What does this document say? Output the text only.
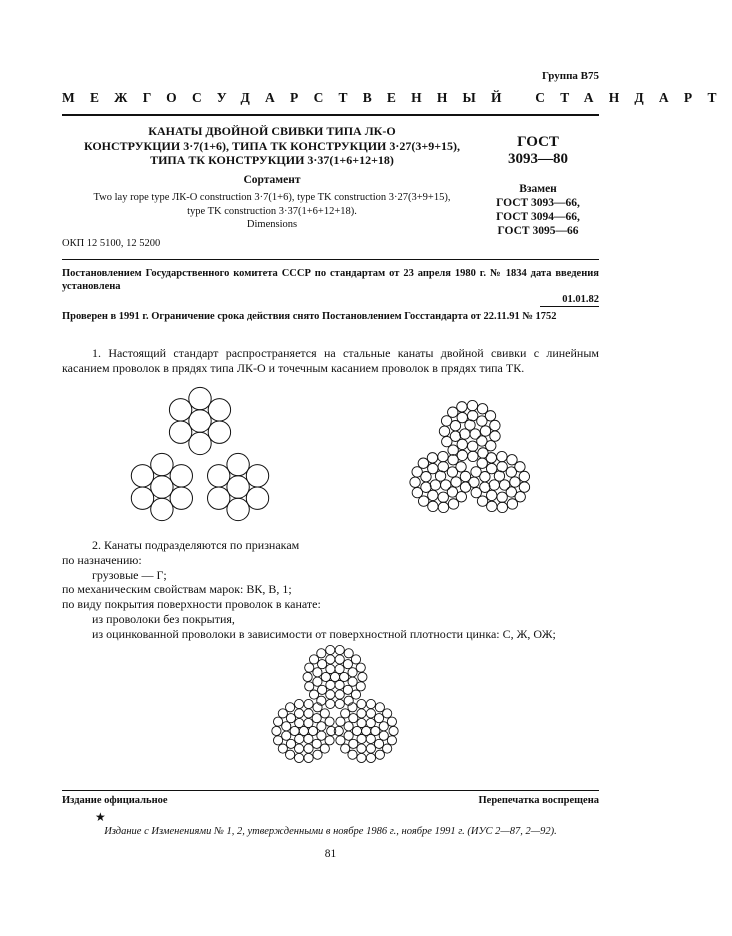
Группа В75
МЕЖГОСУДАРСТВЕННЫЙ СТАНДАРТ
КАНАТЫ ДВОЙНОЙ СВИВКИ ТИПА ЛК-О
КОНСТРУКЦИИ 3·7(1+6), ТИПА ТК КОНСТРУКЦИИ 3·27(3+9+15),
ТИПА ТК КОНСТРУКЦИИ 3·37(1+6+12+18)
ГОСТ
3093—80
Сортамент
Two lay rope type ЛК-О construction 3·7(1+6), type TK construction 3·27(3+9+15),
type TK construction 3·37(1+6+12+18).
Dimensions
Взамен
ГОСТ 3093—66,
ГОСТ 3094—66,
ГОСТ 3095—66
ОКП 12 5100, 12 5200
Постановлением Государственного комитета СССР по стандартам от 23 апреля 1980 г. № 1834 дата введения установлена
01.01.82
Проверен в 1991 г. Ограничение срока действия снято Постановлением Госстандарта от 22.11.91 № 1752
1. Настоящий стандарт распространяется на стальные канаты двойной свивки с линейным касанием проволок в прядях типа ЛК-О и точечным касанием проволок в прядях типа ТК.
2. Канаты подразделяются по признакам
по назначению:
грузовые — Г;
по механическим свойствам марок: ВК, В, 1;
по виду покрытия поверхности проволок в канате:
из проволоки без покрытия,
из оцинкованной проволоки в зависимости от поверхностной плотности цинка: С, Ж, ОЖ;
Издание официальное	Перепечатка воспрещена
★
Издание с Изменениями № 1, 2, утвержденными в ноябре 1986 г., ноябре 1991 г. (ИУС 2—87, 2—92).
81
